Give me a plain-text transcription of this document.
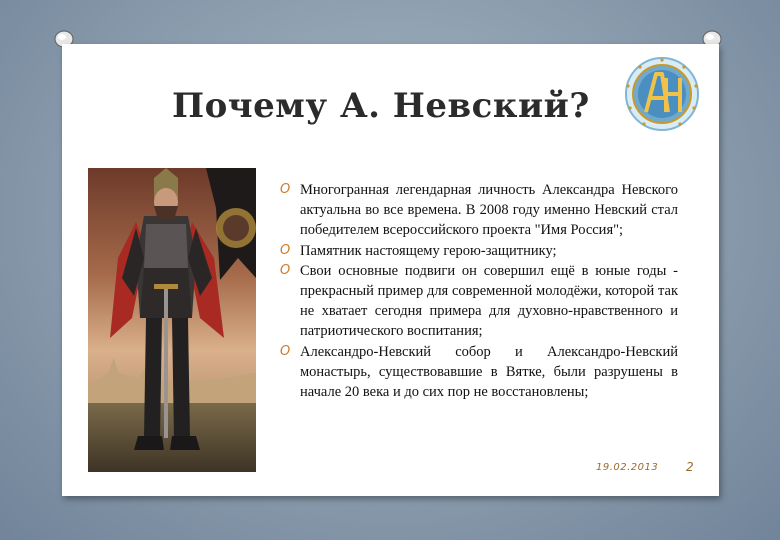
Почему А. Невский?
O Многогранная легендарная личность Александра Невского актуальна во все времена. В 2008 году именно Невский стал победителем всероссийского проекта "Имя Россия";
O Памятник настоящему герою-защитнику;
O Свои основные подвиги он совершил ещё в юные годы - прекрасный пример для современной молодёжи, которой так не хватает сегодня примера для духовно-нравственного и патриотического воспитания;
O Александро-Невский собор и Александро-Невский монастырь, существовавшие в Вятке, были разрушены в начале 20 века и до сих пор не восстановлены;
19.02.2013 2
